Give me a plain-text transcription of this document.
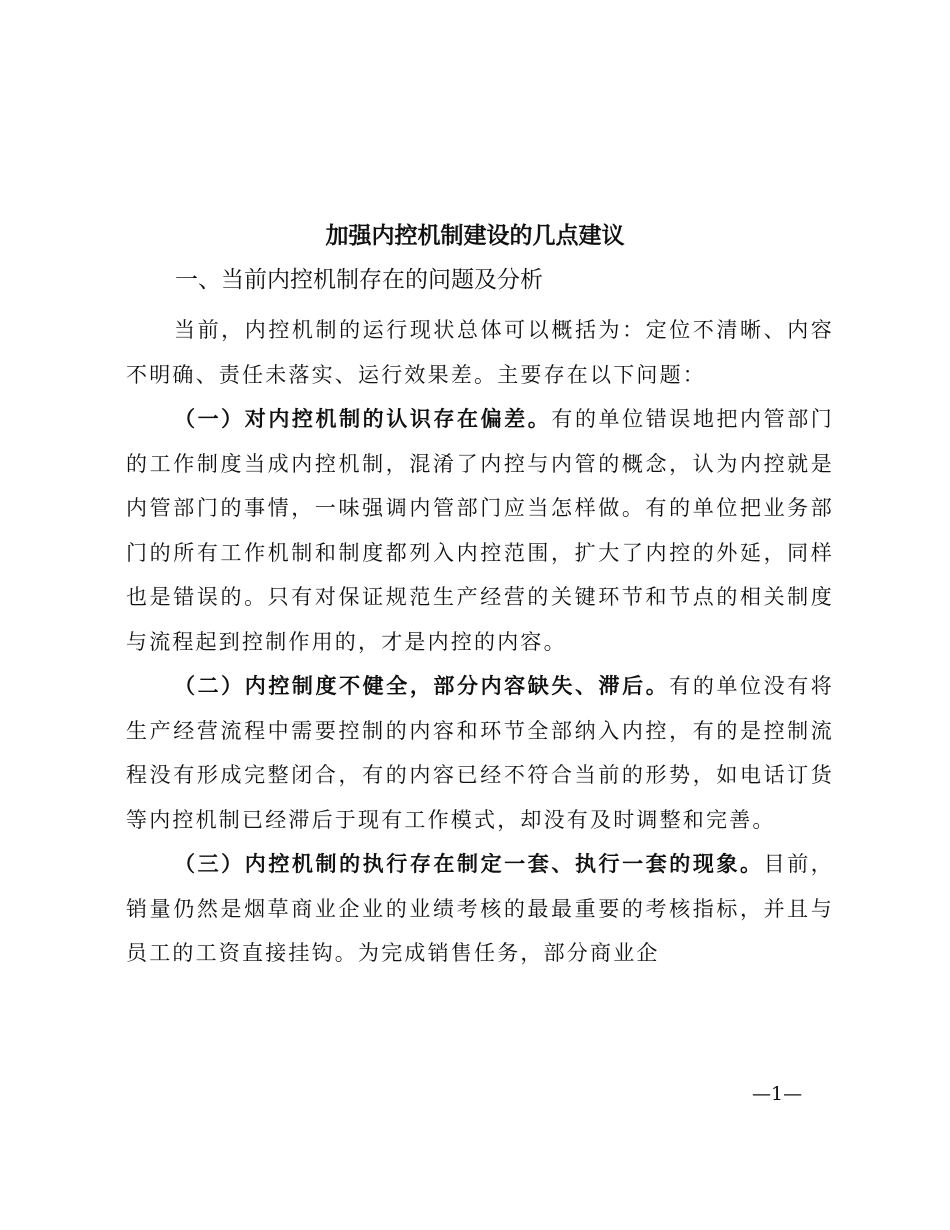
加强内控机制建设的几点建议
一、当前内控机制存在的问题及分析

当前，内控机制的运行现状总体可以概括为：定位不清晰、内容不明确、责任未落实、运行效果差。主要存在以下问题：

（一）对内控机制的认识存在偏差。有的单位错误地把内管部门的工作制度当成内控机制，混淆了内控与内管的概念，认为内控就是内管部门的事情，一味强调内管部门应当怎样做。有的单位把业务部门的所有工作机制和制度都列入内控范围，扩大了内控的外延，同样也是错误的。只有对保证规范生产经营的关键环节和节点的相关制度与流程起到控制作用的，才是内控的内容。

（二）内控制度不健全，部分内容缺失、滞后。有的单位没有将生产经营流程中需要控制的内容和环节全部纳入内控，有的是控制流程没有形成完整闭合，有的内容已经不符合当前的形势，如电话订货等内控机制已经滞后于现有工作模式，却没有及时调整和完善。

（三）内控机制的执行存在制定一套、执行一套的现象。目前，销量仍然是烟草商业企业的业绩考核的最最重要的考核指标，并且与员工的工资直接挂钩。为完成销售任务，部分商业企

—1—
